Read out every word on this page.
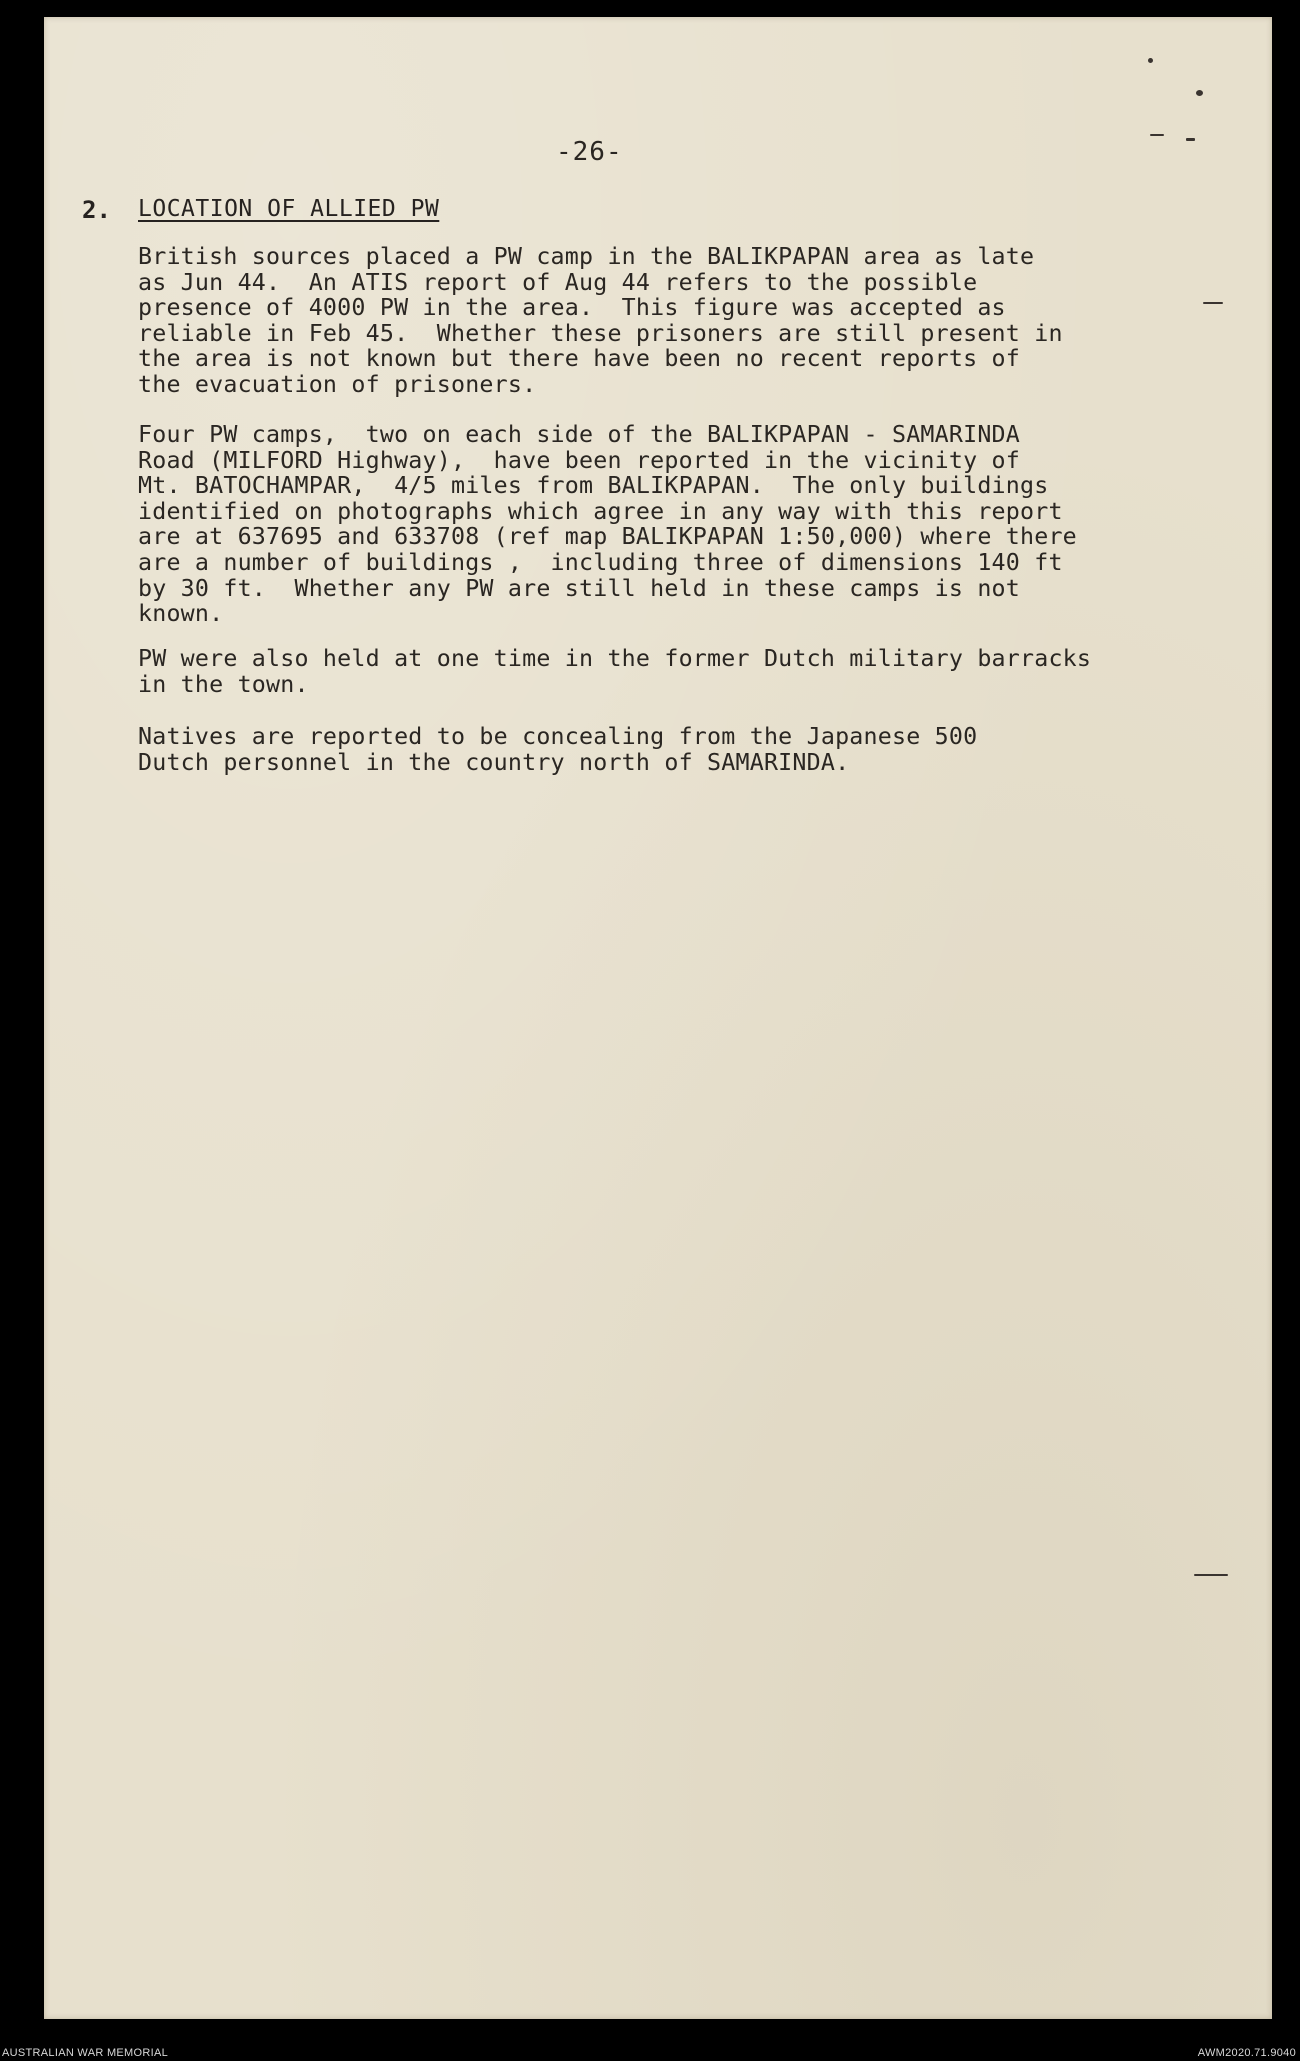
-26-
2. LOCATION OF ALLIED PW
British sources placed a PW camp in the BALIKPAPAN area as late
as Jun 44.  An ATIS report of Aug 44 refers to the possible
presence of 4000 PW in the area.  This figure was accepted as
reliable in Feb 45.  Whether these prisoners are still present in
the area is not known but there have been no recent reports of
the evacuation of prisoners.
Four PW camps,  two on each side of the BALIKPAPAN - SAMARINDA
Road (MILFORD Highway),  have been reported in the vicinity of
Mt. BATOCHAMPAR,  4/5 miles from BALIKPAPAN.  The only buildings
identified on photographs which agree in any way with this report
are at 637695 and 633708 (ref map BALIKPAPAN 1:50,000) where there
are a number of buildings ,  including three of dimensions 140 ft
by 30 ft.  Whether any PW are still held in these camps is not
known.
PW were also held at one time in the former Dutch military barracks
in the town.
Natives are reported to be concealing from the Japanese 500
Dutch personnel in the country north of SAMARINDA.
AUSTRALIAN WAR MEMORIAL	AWM2020.71.9040
